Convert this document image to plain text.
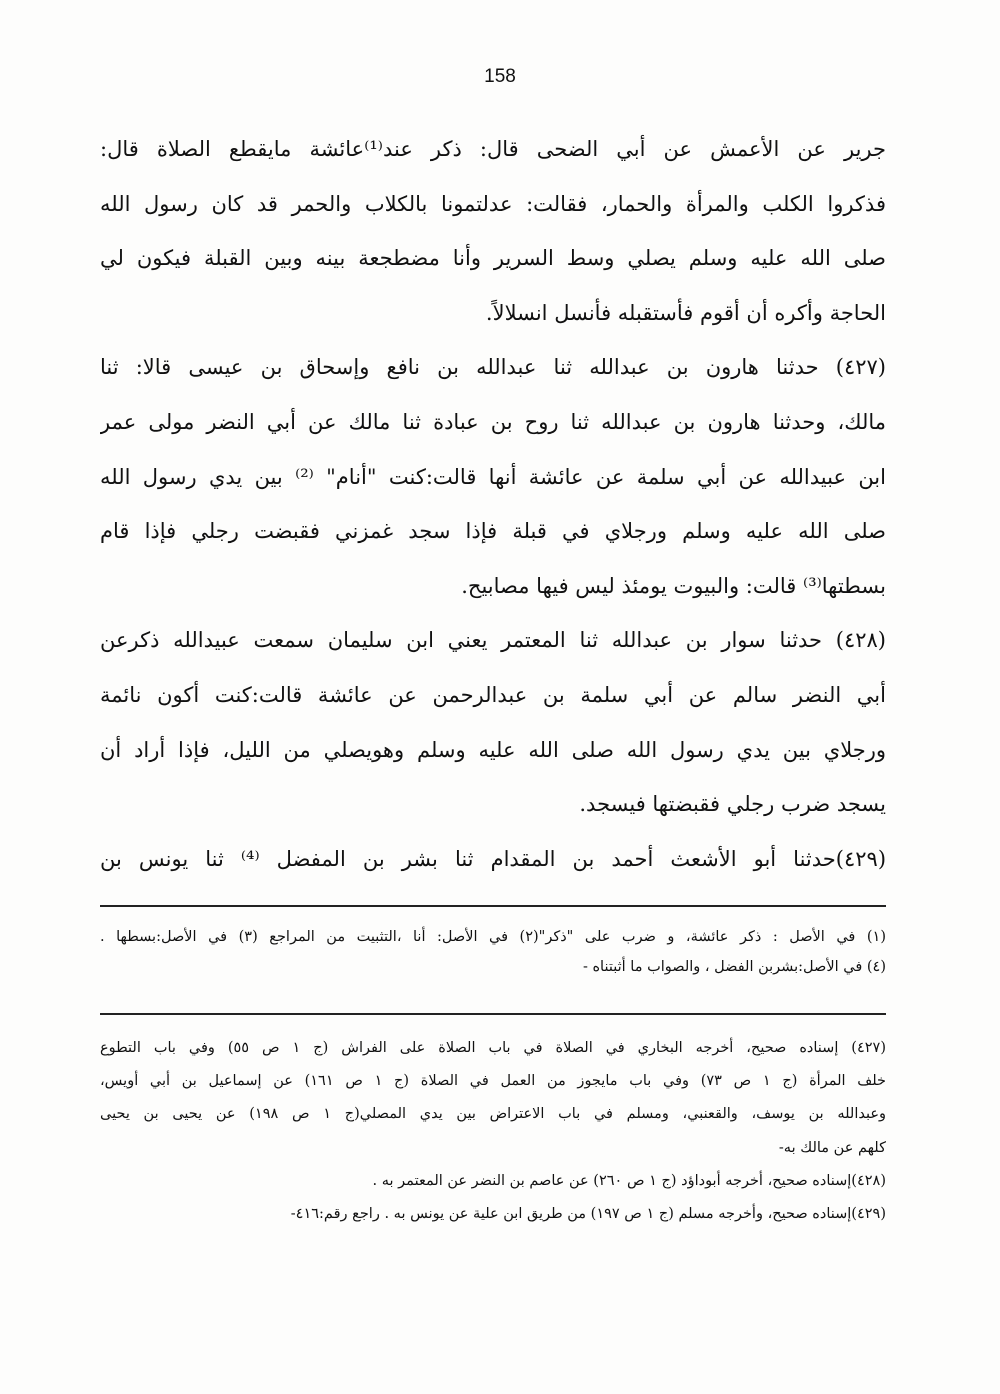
158
جرير عن الأعمش عن أبي الضحى قال: ذكر عند⁽¹⁾عائشة مايقطع الصلاة قال:
فذكروا الكلب والمرأة والحمار، فقالت: عدلتمونا بالكلاب والحمر قد كان رسول الله
صلى الله عليه وسلم يصلي وسط السرير وأنا مضطجعة بينه وبين القبلة فيكون لي
الحاجة وأكره أن أقوم فأستقبله فأنسل انسلالاً.
(٤٢٧) حدثنا هارون بن عبدالله ثنا عبدالله بن نافع وإسحاق بن عيسى قالا: ثنا
مالك، وحدثنا هارون بن عبدالله ثنا روح بن عبادة ثنا مالك عن أبي النضر مولى عمر
ابن عبيدالله عن أبي سلمة عن عائشة أنها قالت:كنت "أنام" ⁽²⁾ بين يدي رسول الله
صلى الله عليه وسلم ورجلاي في قبلة فإذا سجد غمزني فقبضت رجلي فإذا قام
بسطتها⁽³⁾ قالت: والبيوت يومئذ ليس فيها مصابيح.
(٤٢٨) حدثنا سوار بن عبدالله ثنا المعتمر يعني ابن سليمان سمعت عبيدالله ذكرعن
أبي النضر سالم عن أبي سلمة بن عبدالرحمن عن عائشة قالت:كنت أكون نائمة
ورجلاي بين يدي رسول الله صلى الله عليه وسلم وهويصلي من الليل، فإذا أراد أن
يسجد ضرب رجلي فقبضتها فيسجد.
(٤٢٩)حدثنا أبو الأشعث أحمد بن المقدام ثنا بشر بن المفضل ⁽⁴⁾ ثنا يونس بن
(١) في الأصل : ذكر عائشة، و ضرب على "ذكر"(٢) في الأصل: أنا ،التثبيت من المراجع (٣) في الأصل:بسطها .
(٤) في الأصل:بشربن الفضل ، والصواب ما أثبتناه -
(٤٢٧) إسناده صحيح، أخرجه البخاري في الصلاة في باب الصلاة على الفراش (ج ١ ص ٥٥) وفي باب التطوع
خلف المرأة (ج ١ ص ٧٣) وفي باب مايجوز من العمل في الصلاة (ج ١ ص ١٦١) عن إسماعيل بن أبي أويس،
وعبدالله بن يوسف، والقعنبي، ومسلم في باب الاعتراض بين يدي المصلي(ج ١ ص ١٩٨) عن يحيى بن يحيى
كلهم عن مالك به-
(٤٢٨)إسناده صحيح، أخرجه أبوداؤد (ج ١ ص ٢٦٠) عن عاصم بن النضر عن المعتمر به .
(٤٢٩)إسناده صحيح، وأخرجه مسلم (ج ١ ص ١٩٧) من طريق ابن علية عن يونس به . راجع رقم:٤١٦-
